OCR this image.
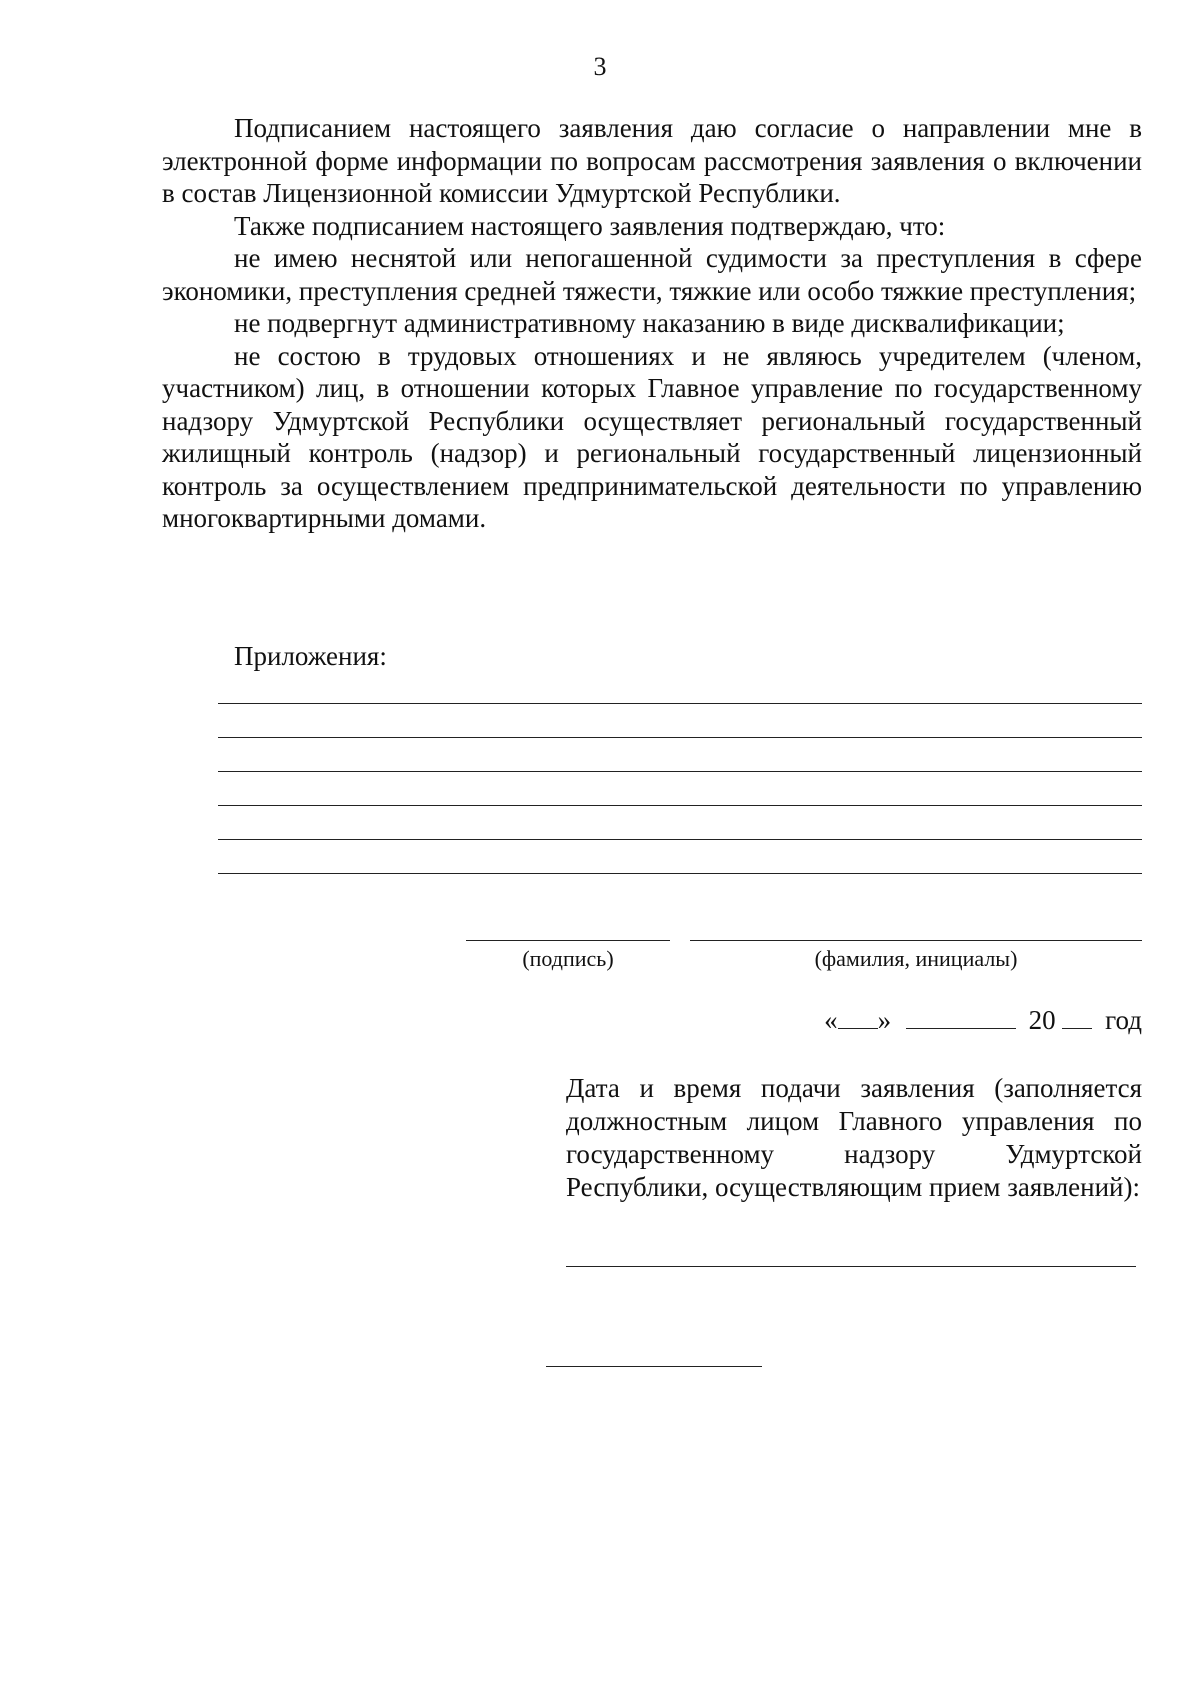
3

Подписанием настоящего заявления даю согласие о направлении мне в электронной форме информации по вопросам рассмотрения заявления о включении в состав Лицензионной комиссии Удмуртской Республики.

Также подписанием настоящего заявления подтверждаю, что:

не имею неснятой или непогашенной судимости за преступления в сфере экономики, преступления средней тяжести, тяжкие или особо тяжкие преступления;

не подвергнут административному наказанию в виде дисквалификации;

не состою в трудовых отношениях и не являюсь учредителем (членом, участником) лиц, в отношении которых Главное управление по государственному надзору Удмуртской Республики осуществляет региональный государственный жилищный контроль (надзор) и региональный государственный лицензионный контроль за осуществлением предпринимательской деятельности по управлению многоквартирными домами.

Приложения:
(подпись)	(фамилия, инициалы)
« »	20 год

Дата и время подачи заявления (заполняется должностным лицом Главного управления по государственному надзору Удмуртской Республики, осуществляющим прием заявлений):
